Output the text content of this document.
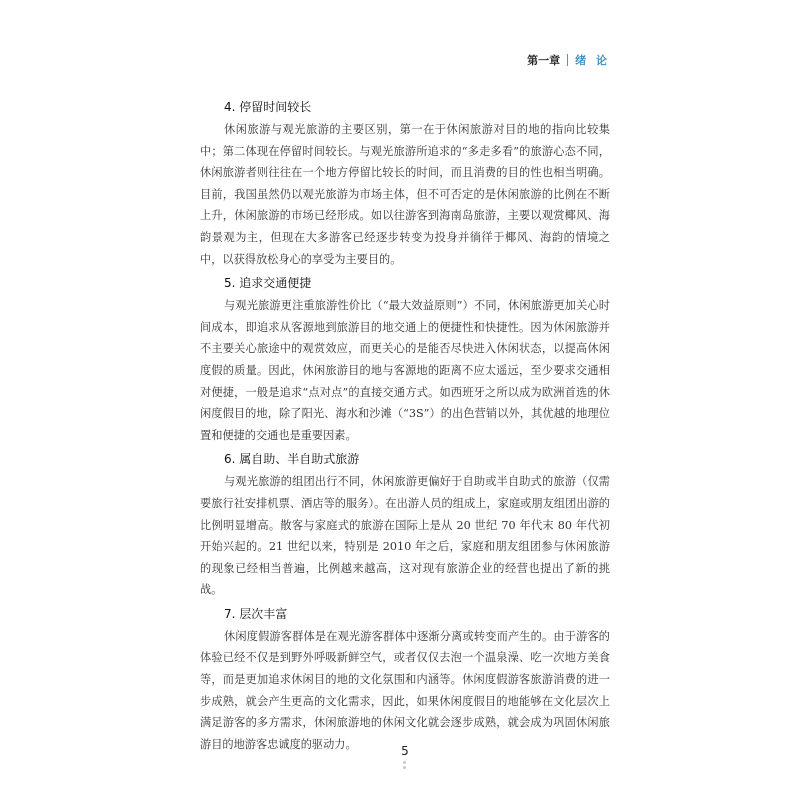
第一章 绪 论
4. 停留时间较长

休闲旅游与观光旅游的主要区别，第一在于休闲旅游对目的地的指向比较集中；第二体现在停留时间较长。与观光旅游所追求的“多走多看”的旅游心态不同，休闲旅游者则往往在一个地方停留比较长的时间，而且消费的目的性也相当明确。目前，我国虽然仍以观光旅游为市场主体，但不可否定的是休闲旅游的比例在不断上升，休闲旅游的市场已经形成。如以往游客到海南岛旅游，主要以观赏椰风、海韵景观为主，但现在大多游客已经逐步转变为投身并徜徉于椰风、海韵的情境之中，以获得放松身心的享受为主要目的。

5. 追求交通便捷

与观光旅游更注重旅游性价比（“最大效益原则”）不同，休闲旅游更加关心时间成本，即追求从客源地到旅游目的地交通上的便捷性和快捷性。因为休闲旅游并不主要关心旅途中的观赏效应，而更关心的是能否尽快进入休闲状态，以提高休闲度假的质量。因此，休闲旅游目的地与客源地的距离不应太遥远，至少要求交通相对便捷，一般是追求“点对点”的直接交通方式。如西班牙之所以成为欧洲首选的休闲度假目的地，除了阳光、海水和沙滩（“3S”）的出色营销以外，其优越的地理位置和便捷的交通也是重要因素。

6. 属自助、半自助式旅游

与观光旅游的组团出行不同，休闲旅游更偏好于自助或半自助式的旅游（仅需要旅行社安排机票、酒店等的服务）。在出游人员的组成上，家庭或朋友组团出游的比例明显增高。散客与家庭式的旅游在国际上是从 20 世纪 70 年代末 80 年代初开始兴起的。21 世纪以来，特别是 2010 年之后，家庭和朋友组团参与休闲旅游的现象已经相当普遍，比例越来越高，这对现有旅游企业的经营也提出了新的挑战。

7. 层次丰富

休闲度假游客群体是在观光游客群体中逐渐分离或转变而产生的。由于游客的体验已经不仅是到野外呼吸新鲜空气，或者仅仅去泡一个温泉澡、吃一次地方美食等，而是更加追求休闲目的地的文化氛围和内涵等。休闲度假游客旅游消费的进一步成熟，就会产生更高的文化需求，因此，如果休闲度假目的地能够在文化层次上满足游客的多方需求，休闲旅游地的休闲文化就会逐步成熟，就会成为巩固休闲旅游目的地游客忠诚度的驱动力。	5
